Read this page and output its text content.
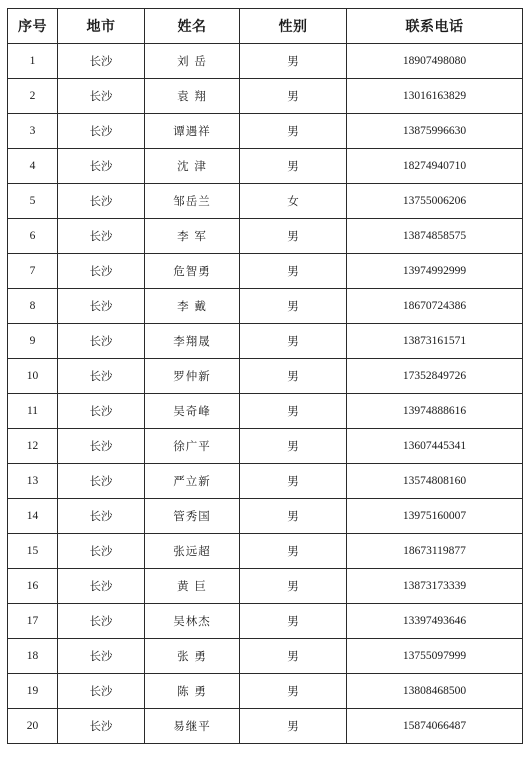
序号	地市	姓名	性别	联系电话
1	长沙	刘 岳	男	18907498080
2	长沙	袁 翔	男	13016163829
3	长沙	谭遇祥	男	13875996630
4	长沙	沈 津	男	18274940710
5	长沙	邹岳兰	女	13755006206
6	长沙	李 军	男	13874858575
7	长沙	危智勇	男	13974992999
8	长沙	李 戴	男	18670724386
9	长沙	李翔晟	男	13873161571
10	长沙	罗仲新	男	17352849726
11	长沙	吴奇峰	男	13974888616
12	长沙	徐广平	男	13607445341
13	长沙	严立新	男	13574808160
14	长沙	管秀国	男	13975160007
15	长沙	张远超	男	18673119877
16	长沙	黄 巨	男	13873173339
17	长沙	吴林杰	男	13397493646
18	长沙	张 勇	男	13755097999
19	长沙	陈 勇	男	13808468500
20	长沙	易继平	男	15874066487
